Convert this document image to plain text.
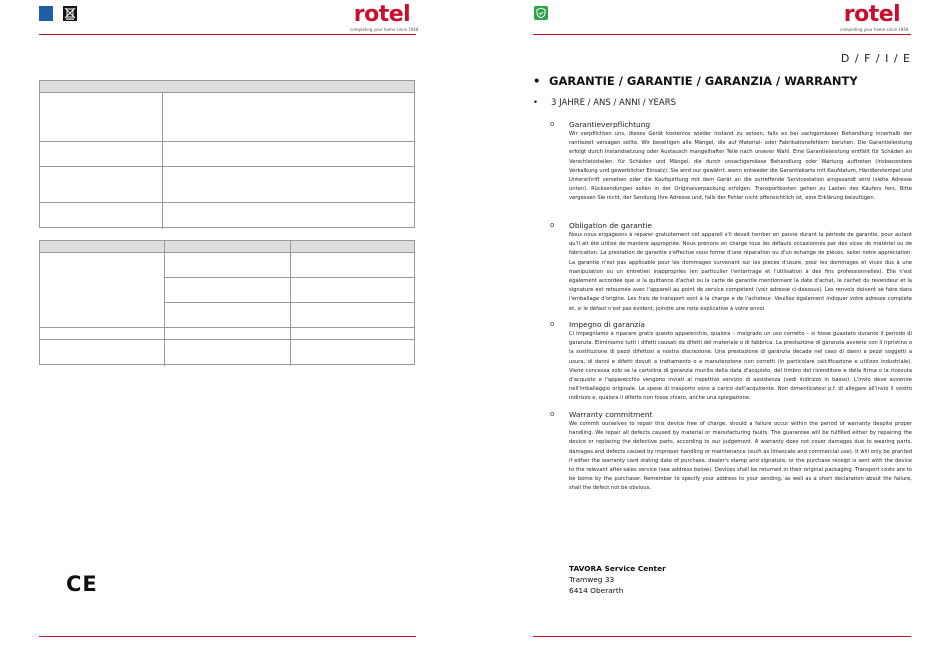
rotel
completing your home since 1948
CE
rotel
completing your home since 1948
D / F / I / E
• GARANTIE / GARANTIE / GARANZIA / WARRANTY
• 3 JAHRE / ANS / ANNI / YEARS
o Garantieverpflichtung
Wir verpflichten uns, dieses Gerät kostenlos wieder instand zu setzen, falls es bei sachgemässer Behandlung innerhalb der rantiezeit versagen sollte. Wir beseitigen alle Mängel, die auf Material- oder Fabrikationsfehlern beruhen. Die Garantieleistung erfolgt durch Instandsetzung oder Austausch mangelhafter Teile nach unserer Wahl. Eine Garantieleistung entfällt für Schäden an Verschleissteilen, für Schäden und Mängel, die durch unsachgemässe Behandlung oder Wartung auftreten (insbesondere Verkalkung und gewerblicher Einsatz). Sie wird nur gewährt, wenn entweder die Garantiekarte mit Kaufdatum, Händlerstempel und Unterschrift versehen oder die Kaufquittung mit dem Gerät an die zutreffende Servicestation eingesandt wird (siehe Adresse unten). Rücksendungen sollen in der Originalverpackung erfolgen. Transportkosten gehen zu Lasten des Käufers fers. Bitte vergessen Sie nicht, der Sendung Ihre Adresse und, falls der Fehler nicht offensichtlich ist, eine Erklärung beizufügen.
o Obligation de garantie
Nous nous engageons à réparer gratuitement cet appareil s'il devait tomber en panne durant la période de garantie, pour autant qu'il ait été utilisé de manière appropriée. Nous prenons en charge tous les défauts occasionnés par des vices de matériel ou de fabrication. La prestation de garantie s'effectue sous forme d'une réparation ou d'un échange de pièces, selon notre appréciation. La garantie n'est pas applicable pour les dommages survenant sur les pièces d'usure, pour les dommages et vices dus à une manipulation ou un entretien inappropriés (en particulier l'entartrage et l'utilisation à des fins professionnelles). Elle n'est également accordée que si la quittance d'achat ou la carte de garantie mentionnant la date d'achat, le cachet du revendeur et la signature est retournée avec l'appareil au point de service compétent (voir adresse ci-dessous). Les renvois doivent se faire dans l'emballage d'origine. Les frais de transport sont à la charge e de l'acheteur. Veuillez également indiquer votre adresse complète et, si le défaut n'est pas évident, joindre une note explicative à votre envoi.
o Impegno di garanzia
Ci impegniamo a riparare gratis questo apparecchio, qualora – malgrado un uso corretto – si fosse guastato durante il periodo di garanzia. Eliminiamo tutti i difetti causati da difetti del materiale o di fabbrica. La prestazione di garanzia avviene con il ripristino o la sostituzione di pezzi difettosi a nostra discrezione. Una prestazione di garanzia decade nel caso di danni a pezzi soggetti a usura, di danni e difetti dovuti a trattamento o a manutenzione non corretti (in particolare calcificazione e utilizzo industriale). Viene concessa solo se la cartolina di garanzia munita della data d'acquisto, del timbro del rivenditore e della firma o la ricevuta d'acquisto e l'apparecchio vengono inviati al rispettivo servizio di assistenza (vedi indirizzo in basso). L'invio deve avvenire nell'imballaggio originale. Le spese di trasporto sono a carico dell'acquirente. Non dimenticatevi p.f. di allegare all'invio il vostro indirizzo e, qualora il difetto non fosse chiaro, anche una spiegazione.
o Warranty commitment
We commit ourselves to repair this device free of charge, should a failure occur within the period of warranty despite proper handling. We repair all defects caused by material or manufacturing faults. The guarantee will be fulfilled either by repairing the device or replacing the defective parts, according to our judgement. A warranty does not cover damages due to wearing parts, damages and defects caused by improper handling or maintenance (such as limescale and commercial use). It will only be granted if either the warranty card stating date of purchase, dealer's stamp and signature, or the purchase receipt is sent with the device to the relevant after-sales service (see address below). Devices shall be returned in their original packaging. Transport costs are to be borne by the purchaser. Remember to specify your address to your sending, as well as a short declaration about the failure, shall the defect not be obvious.
TAVORA Service Center
Tramweg 33
6414 Oberarth
